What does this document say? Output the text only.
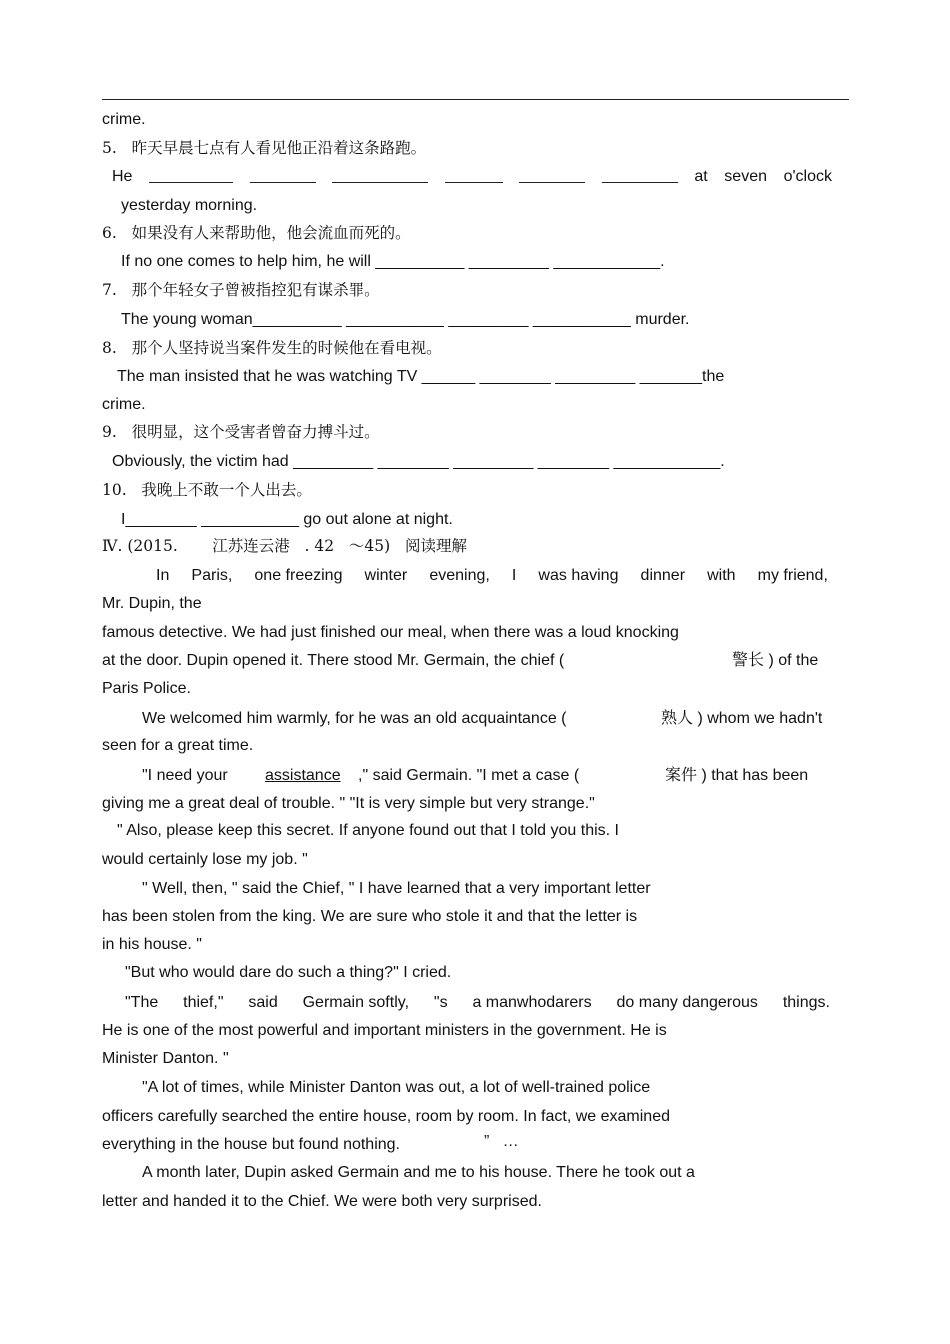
crime.
5.   昨天早晨七点有人看见他正沿着这条路跑。
He	at seven o'clock
yesterday morning.
6.   如果没有人来帮助他，他会流血而死的。
If no one comes to help him, he will __________ _________ ____________.
7.   那个年轻女子曾被指控犯有谋杀罪。
The young woman__________ ___________ _________ ___________ murder.
8.   那个人坚持说当案件发生的时候他在看电视。
The man insisted that he was watching TV ______ ________ _________ _______the
crime.
9.   很明显，这个受害者曾奋力搏斗过。
Obviously, the victim had _________ ________ _________ ________ ____________.
10.   我晚上不敢一个人出去。
I________ ___________ go out alone at night.
Ⅳ. (2015.       江苏连云港   . 42   ～45)   阅读理解
In Paris, one freezing winter evening, I was having dinner with my friend,
Mr. Dupin, the
famous detective. We had just finished our meal, when there was a loud knocking
at the door. Dupin opened it. There stood Mr. Germain, the chief (	警长 ) of the
Paris Police.
We welcomed him warmly, for he was an old acquaintance (	熟人 ) whom we hadn't
seen for a great time.
"I need your assistance ," said Germain. "I met a case (	案件 ) that has been
giving me a great deal of trouble. " "It is very simple but very strange."
" Also, please keep this secret. If anyone found out that I told you this. I
would certainly lose my job. "
" Well, then, " said the Chief, " I have learned that a very important letter
has been stolen from the king. We are sure who stole it and that the letter is
in his house. "
"But who would dare do such a thing?" I cried.
"The thief," said Germain softly, "s a manwhodarers do many dangerous things.
He is one of the most powerful and important ministers in the government. He is
Minister Danton. "
"A lot of times, while Minister Danton was out, a lot of well-trained police
officers carefully searched the entire house, room by room. In fact, we examined
everything in the house but found nothing.	”   …
A month later, Dupin asked Germain and me to his house. There he took out a
letter and handed it to the Chief. We were both very surprised.
